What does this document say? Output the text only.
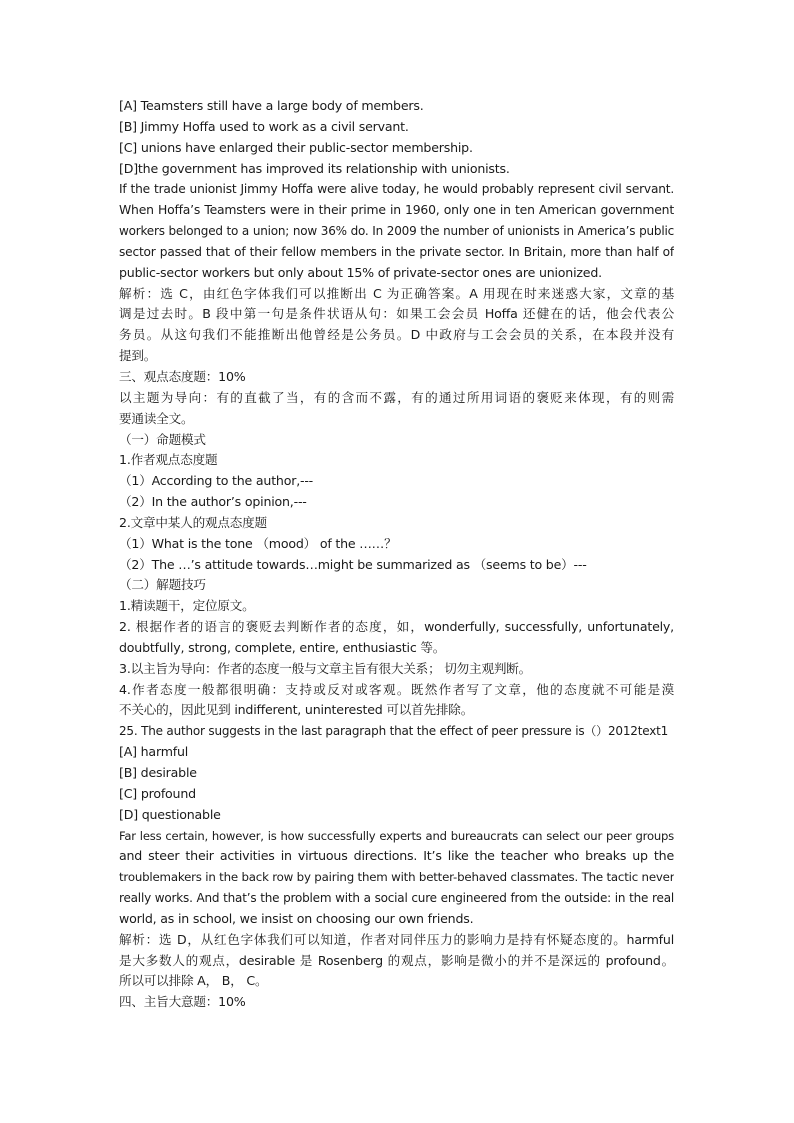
[A] Teamsters still have a large body of members.
[B] Jimmy Hoffa used to work as a civil servant.
[C] unions have enlarged their public-sector membership.
[D]the government has improved its relationship with unionists.
If the trade unionist Jimmy Hoffa were alive today, he would probably represent civil servant.
When Hoffa’s Teamsters were in their prime in 1960, only one in ten American government
workers belonged to a union; now 36% do. In 2009 the number of unionists in America’s public
sector passed that of their fellow members in the private sector. In Britain, more than half of
public-sector workers but only about 15% of private-sector ones are unionized.
解析：选 C，由红色字体我们可以推断出 C 为正确答案。A 用现在时来迷惑大家，文章的基
调是过去时。B 段中第一句是条件状语从句：如果工会会员 Hoffa 还健在的话，他会代表公
务员。从这句我们不能推断出他曾经是公务员。D 中政府与工会会员的关系，在本段并没有
提到。
三、观点态度题：10%
以主题为导向：有的直截了当，有的含而不露，有的通过所用词语的褒贬来体现，有的则需
要通读全文。
（一）命题模式
1.作者观点态度题
（1）According to the author,---
（2）In the author’s opinion,---
2.文章中某人的观点态度题
（1）What is the tone （mood） of the ……？
（2）The …’s attitude towards…might be summarized as （seems to be）---
（二）解题技巧
1.精读题干，定位原文。
2. 根据作者的语言的褒贬去判断作者的态度，如，wonderfully, successfully, unfortunately,
doubtfully, strong, complete, entire, enthusiastic 等。
3.以主旨为导向：作者的态度一般与文章主旨有很大关系； 切勿主观判断。
4.作者态度一般都很明确：支持或反对或客观。既然作者写了文章，他的态度就不可能是漠
不关心的，因此见到 indifferent, uninterested 可以首先排除。
25. The author suggests in the last paragraph that the effect of peer pressure is（）2012text1
[A] harmful
[B] desirable
[C] profound
[D] questionable
Far less certain, however, is how successfully experts and bureaucrats can select our peer groups
and steer their activities in virtuous directions. It’s like the teacher who breaks up the
troublemakers in the back row by pairing them with better-behaved classmates. The tactic never
really works. And that’s the problem with a social cure engineered from the outside: in the real
world, as in school, we insist on choosing our own friends.
解析：选 D，从红色字体我们可以知道，作者对同伴压力的影响力是持有怀疑态度的。harmful
是大多数人的观点，desirable 是 Rosenberg 的观点，影响是微小的并不是深远的 profound。
所以可以排除 A， B， C。
四、主旨大意题：10%
